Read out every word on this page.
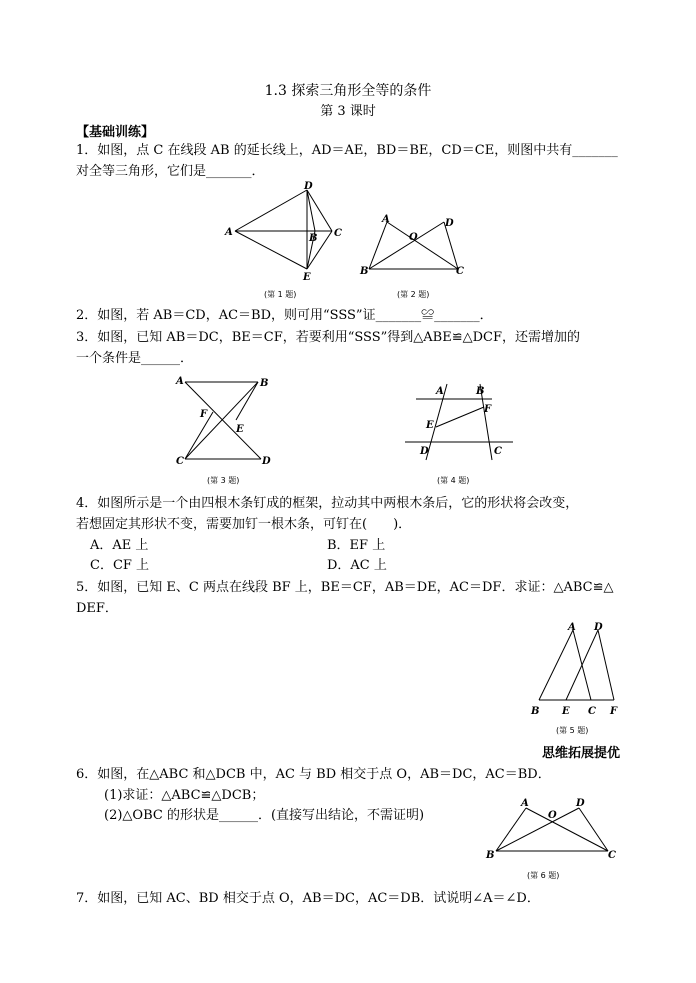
1.3 探索三角形全等的条件
第 3 课时
【基础训练】
1．如图，点 C 在线段 AB 的延长线上，AD＝AE，BD＝BE，CD＝CE，则图中共有_______
对全等三角形，它们是_______．
A
B C
D
E
(第 1 题)
A
B	C
D
O
(第 2 题)
2．如图，若 AB＝CD，AC＝BD，则可用“SSS”证_______≌_______．
3．如图，已知 AB＝DC，BE＝CF，若要利用“SSS”得到△ABE≌△DCF，还需增加的
一个条件是______．
A	B
C	D
E
F
(第 3 题)
A	B
C
D
E
F
(第 4 题)
4．如图所示是一个由四根木条钉成的框架，拉动其中两根木条后，它的形状将会改变，
若想固定其形状不变，需要加钉一根木条，可钉在(　　)．
A．AE 上	B．EF 上
C．CF 上	D．AC 上
5．如图，已知 E、C 两点在线段 BF 上，BE＝CF，AB＝DE，AC＝DF．求证：△ABC≌△
DEF．
A
B	C
D
E	F
(第 5 题)
思维拓展提优
6．如图，在△ABC 和△DCB 中，AC 与 BD 相交于点 O，AB＝DC，AC＝BD．
(1)求证：△ABC≌△DCB；
(2)△OBC 的形状是______．(直接写出结论，不需证明)
A
B	C
D
O
(第 6 题)
7．如图，已知 AC、BD 相交于点 O，AB＝DC，AC＝DB．试说明∠A＝∠D．
